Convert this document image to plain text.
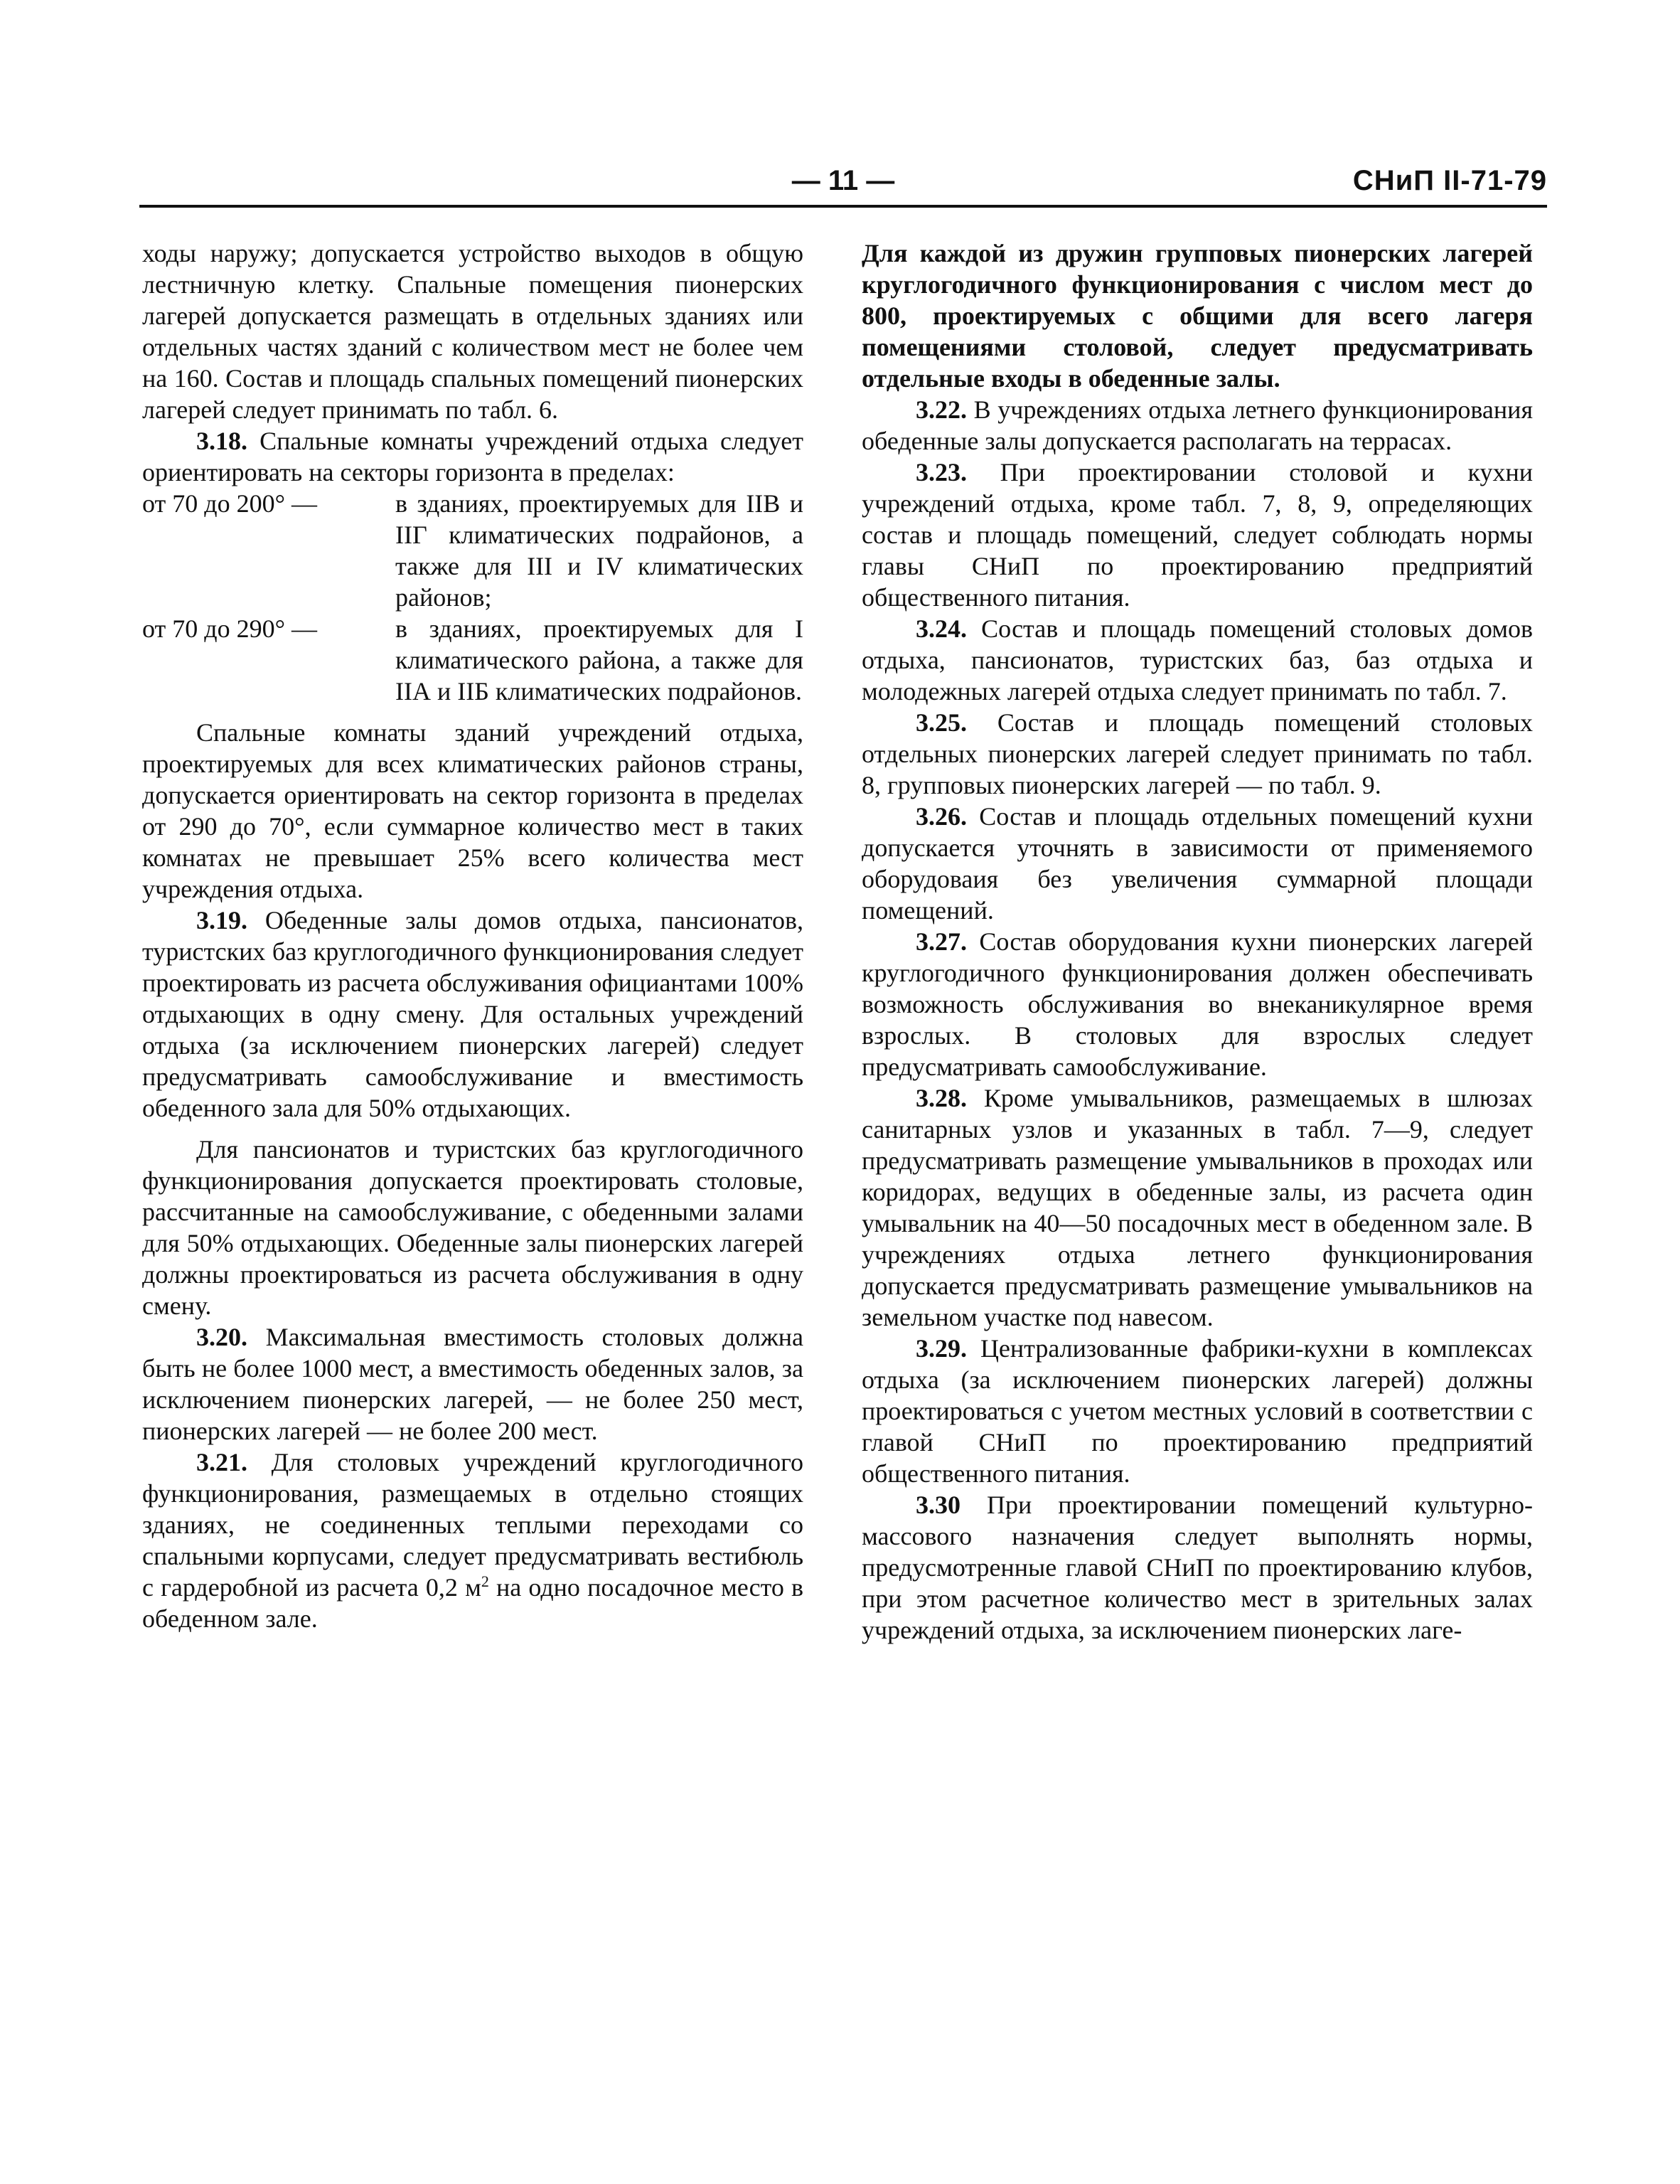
— 11 —	СНиП II-71-79

ходы наружу; допускается устройство выходов в общую лестничную клетку. Спальные помещения пионерских лагерей допускается размещать в отдельных зданиях или отдельных частях зданий с количеством мест не более чем на 160. Состав и площадь спальных помещений пионерских лагерей следует принимать по табл. 6.

3.18. Спальные комнаты учреждений отдыха следует ориентировать на секторы горизонта в пределах:

от 70 до 200° —	в зданиях, проектируемых для IIВ и IIГ климатических подрайонов, а также для III и IV климатических районов;
от 70 до 290° —	в зданиях, проектируемых для I климатического района, а также для IIА и IIБ климатических подрайонов.

Спальные комнаты зданий учреждений отдыха, проектируемых для всех климатических районов страны, допускается ориентировать на сектор горизонта в пределах от 290 до 70°, если суммарное количество мест в таких комнатах не превышает 25% всего количества мест учреждения отдыха.

3.19. Обеденные залы домов отдыха, пансионатов, туристских баз круглогодичного функционирования следует проектировать из расчета обслуживания официантами 100% отдыхающих в одну смену. Для остальных учреждений отдыха (за исключением пионерских лагерей) следует предусматривать самообслуживание и вместимость обеденного зала для 50% отдыхающих.

Для пансионатов и туристских баз круглогодичного функционирования допускается проектировать столовые, рассчитанные на самообслуживание, с обеденными залами для 50% отдыхающих. Обеденные залы пионерских лагерей должны проектироваться из расчета обслуживания в одну смену.

3.20. Максимальная вместимость столовых должна быть не более 1000 мест, а вместимость обеденных залов, за исключением пионерских лагерей, — не более 250 мест, пионерских лагерей — не более 200 мест.

3.21. Для столовых учреждений круглогодичного функционирования, размещаемых в отдельно стоящих зданиях, не соединенных теплыми переходами со спальными корпусами, следует предусматривать вестибюль с гардеробной из расчета 0,2 $м^2$ на одно посадочное место в обеденном зале.

Для каждой из дружин групповых пионерских лагерей круглогодичного функционирования с числом мест до 800, проектируемых с общими для всего лагеря помещениями столовой, следует предусматривать отдельные входы в обеденные залы.

3.22. В учреждениях отдыха летнего функционирования обеденные залы допускается располагать на террасах.

3.23. При проектировании столовой и кухни учреждений отдыха, кроме табл. 7, 8, 9, определяющих состав и площадь помещений, следует соблюдать нормы главы СНиП по проектированию предприятий общественного питания.

3.24. Состав и площадь помещений столовых домов отдыха, пансионатов, туристских баз, баз отдыха и молодежных лагерей отдыха следует принимать по табл. 7.

3.25. Состав и площадь помещений столовых отдельных пионерских лагерей следует принимать по табл. 8, групповых пионерских лагерей — по табл. 9.

3.26. Состав и площадь отдельных помещений кухни допускается уточнять в зависимости от применяемого оборудоваия без увеличения суммарной площади помещений.

3.27. Состав оборудования кухни пионерских лагерей круглогодичного функционирования должен обеспечивать возможность обслуживания во внеканикулярное время взрослых. В столовых для взрослых следует предусматривать самообслуживание.

3.28. Кроме умывальников, размещаемых в шлюзах санитарных узлов и указанных в табл. 7—9, следует предусматривать размещение умывальников в проходах или коридорах, ведущих в обеденные залы, из расчета один умывальник на 40—50 посадочных мест в обеденном зале. В учреждениях отдыха летнего функционирования допускается предусматривать размещение умывальников на земельном участке под навесом.

3.29. Централизованные фабрики-кухни в комплексах отдыха (за исключением пионерских лагерей) должны проектироваться с учетом местных условий в соответствии с главой СНиП по проектированию предприятий общественного питания.

3.30 При проектировании помещений культурно-массового назначения следует выполнять нормы, предусмотренные главой СНиП по проектированию клубов, при этом расчетное количество мест в зрительных залах учреждений отдыха, за исключением пионерских лаге-
